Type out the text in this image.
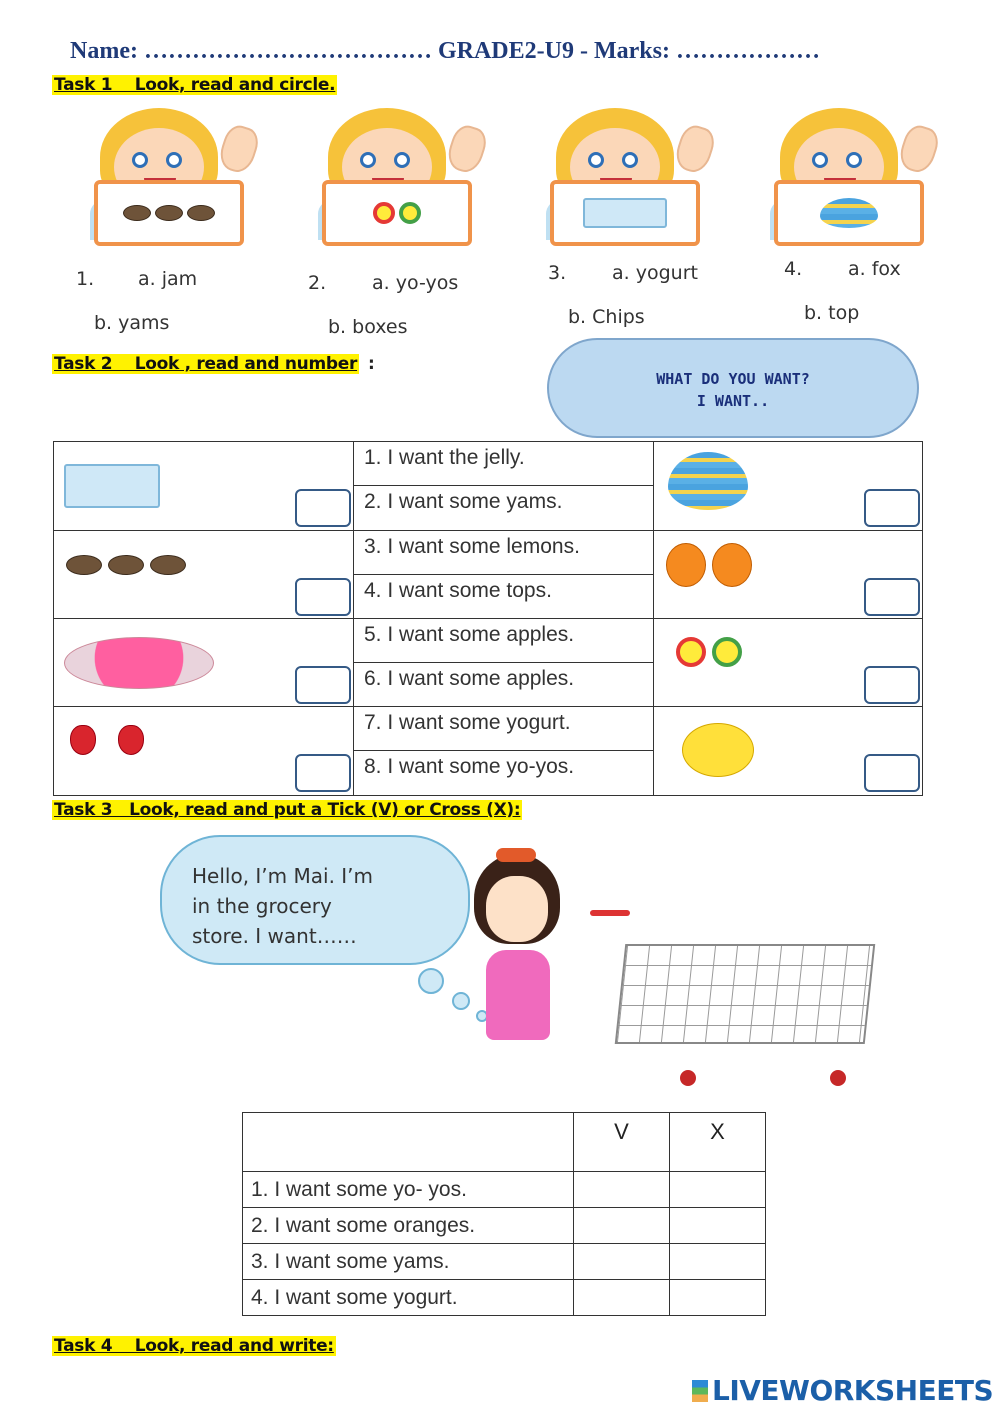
Name: ……………………………… GRADE2-U9 - Marks: ………………
Task 1    Look, read and circle.
1. a. jam
b. yams
2. a. yo-yos
b. boxes
3. a. yogurt
b. Chips
4. a. fox
b. top
Task 2    Look , read and number :
WHAT DO YOU WANT?
I WANT..
1. I want the jelly.
2. I want some yams.
3. I want some lemons.
4. I want some tops.
5. I want some apples.
6. I want some apples.
7. I want some yogurt.
8. I want some yo-yos.
Task 3   Look, read and put a Tick (V) or Cross (X):
Hello, I’m Mai. I’m
in the grocery
store. I want……
	V	X
1. I want some yo- yos.		
2. I want some oranges.		
3. I want some yams.		
4. I want some yogurt.		
Task 4    Look, read and write:
LIVEWORKSHEETS
